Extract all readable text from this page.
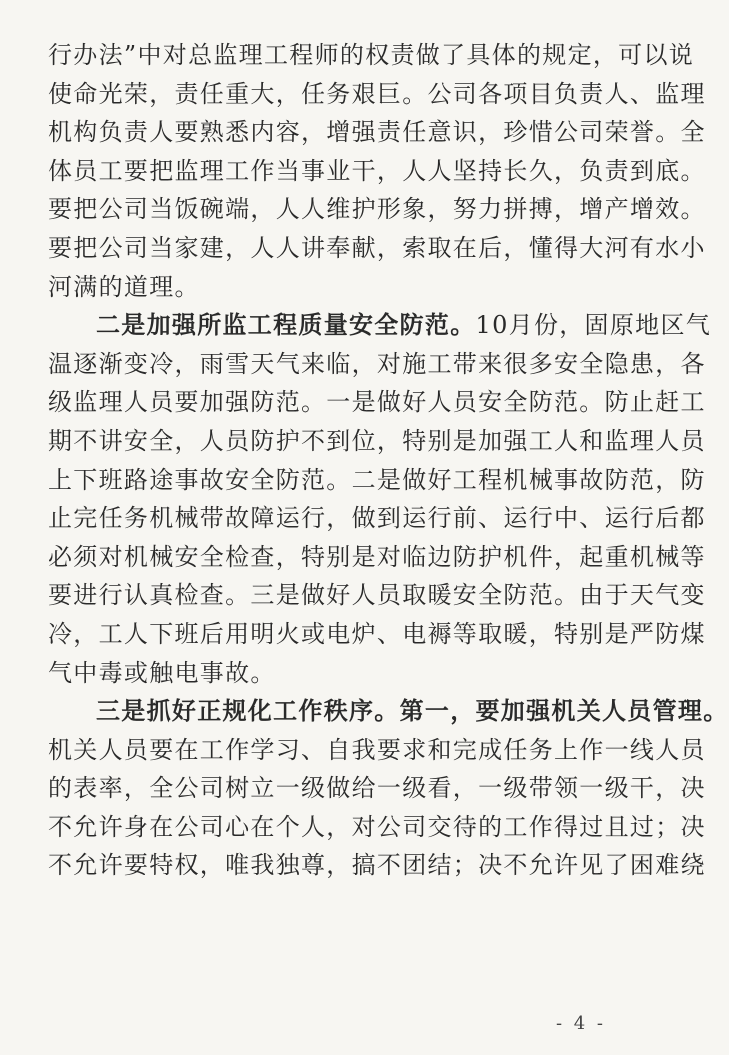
行办法”中对总监理工程师的权责做了具体的规定，可以说
使命光荣，责任重大，任务艰巨。公司各项目负责人、监理
机构负责人要熟悉内容，增强责任意识，珍惜公司荣誉。全
体员工要把监理工作当事业干，人人坚持长久，负责到底。
要把公司当饭碗端，人人维护形象，努力拼搏，增产增效。
要把公司当家建，人人讲奉献，索取在后，懂得大河有水小
河满的道理。
二是加强所监工程质量安全防范。10月份，固原地区气
温逐渐变冷，雨雪天气来临，对施工带来很多安全隐患，各
级监理人员要加强防范。一是做好人员安全防范。防止赶工
期不讲安全，人员防护不到位，特别是加强工人和监理人员
上下班路途事故安全防范。二是做好工程机械事故防范，防
止完任务机械带故障运行，做到运行前、运行中、运行后都
必须对机械安全检查，特别是对临边防护机件，起重机械等
要进行认真检查。三是做好人员取暖安全防范。由于天气变
冷，工人下班后用明火或电炉、电褥等取暖，特别是严防煤
气中毒或触电事故。
三是抓好正规化工作秩序。第一，要加强机关人员管理。
机关人员要在工作学习、自我要求和完成任务上作一线人员
的表率，全公司树立一级做给一级看，一级带领一级干，决
不允许身在公司心在个人，对公司交待的工作得过且过；决
不允许要特权，唯我独尊，搞不团结；决不允许见了困难绕
- 4 -
